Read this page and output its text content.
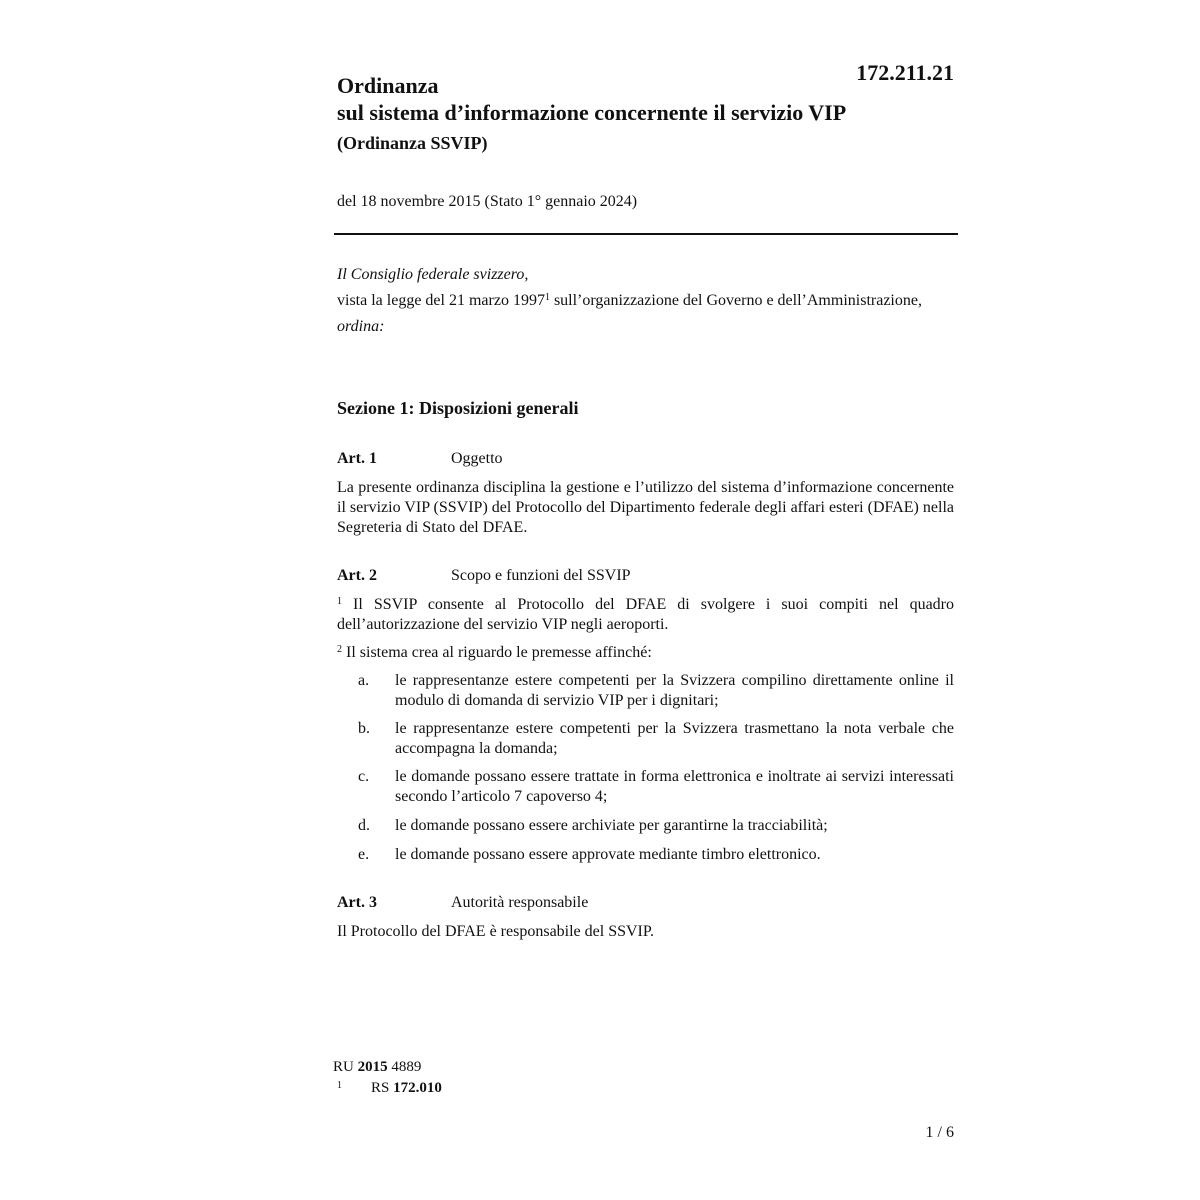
172.211.21
Ordinanza
sul sistema d’informazione concernente il servizio VIP
(Ordinanza SSVIP)
del 18 novembre 2015 (Stato 1° gennaio 2024)

Il Consiglio federale svizzero,

vista la legge del 21 marzo 1997$^1$ sull’organizzazione del Governo e dell’Amministrazione,

ordina:

Sezione 1: Disposizioni generali
Art. 1	Oggetto

La presente ordinanza disciplina la gestione e l’utilizzo del sistema d’informazione concernente il servizio VIP (SSVIP) del Protocollo del Dipartimento federale degli affari esteri (DFAE) nella Segreteria di Stato del DFAE.

Art. 2	Scopo e funzioni del SSVIP

$^1$ Il SSVIP consente al Protocollo del DFAE di svolgere i suoi compiti nel quadro dell’autorizzazione del servizio VIP negli aeroporti.

$^2$ Il sistema crea al riguardo le premesse affinché:

a. le rappresentanze estere competenti per la Svizzera compilino direttamente online il modulo di domanda di servizio VIP per i dignitari;
b. le rappresentanze estere competenti per la Svizzera trasmettano la nota verbale che accompagna la domanda;
c. le domande possano essere trattate in forma elettronica e inoltrate ai servizi interessati secondo l’articolo 7 capoverso 4;
d. le domande possano essere archiviate per garantirne la tracciabilità;
e. le domande possano essere approvate mediante timbro elettronico.
Art. 3	Autorità responsabile

Il Protocollo del DFAE è responsabile del SSVIP.

RU 2015 4889
1 RS 172.010
1 / 6
